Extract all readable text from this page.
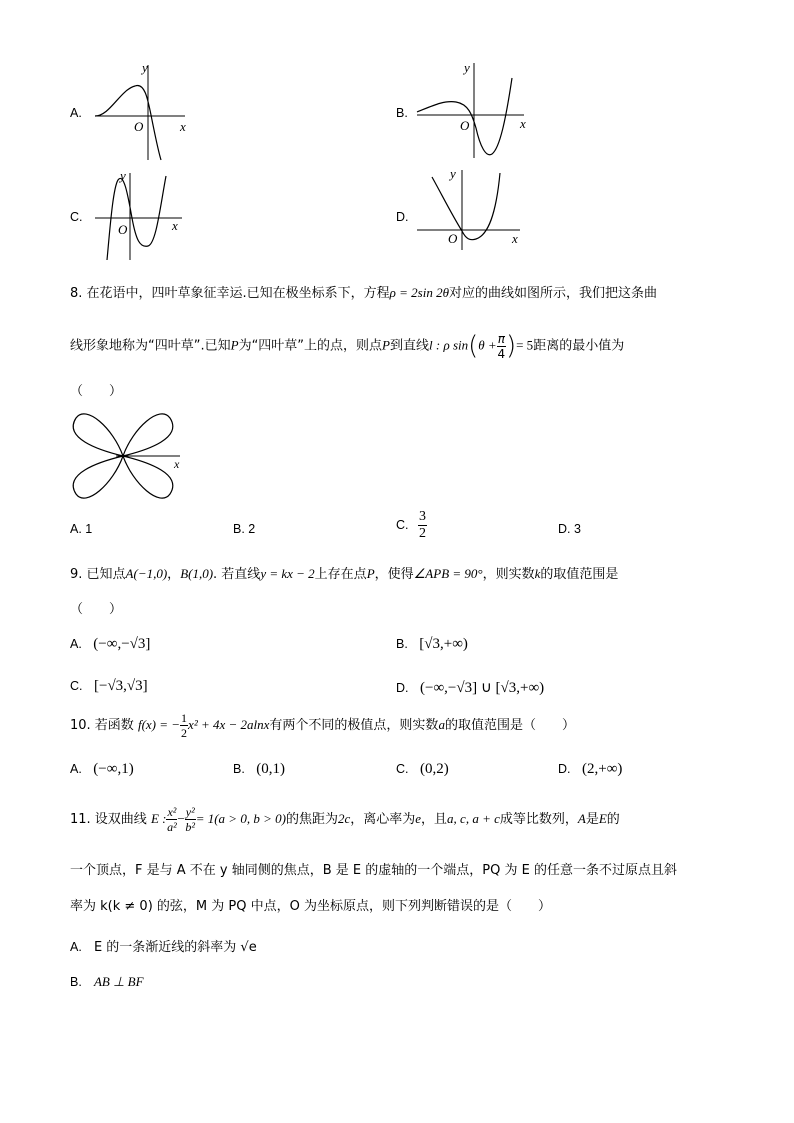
A.
y
x
O
B.
y
x
O
C.
y
x
O
D.
y
x
O
8. 在花语中，四叶草象征幸运.已知在极坐标系下，方程ρ = 2sin 2θ对应的曲线如图所示，我们把这条曲
线形象地称为“四叶草”.已知P为“四叶草”上的点，则点P到直线l : ρ $\sin(\theta + \frac{\pi}{4}$ )= 5距离的最小值为
（　　）
x
A. 1	B. 2	C. $\frac{3}{2}$	D. 3
9. 已知点A(−1,0)，B(1,0). 若直线y = kx − 2上存在点P，使得∠APB = 90°，则实数k的取值范围是
（　　）
A. (−∞,−√3]	B. [√3,+∞)
C. [−√3,√3]	D. (−∞,−√3] ∪ [√3,+∞)
10. 若函数 f(x) = − $\frac{1}{2} x^2 + 4x - 2alnx$有两个不同的极值点，则实数a的取值范围是（　　）
A. (−∞,1)	B. (0,1)	C. (0,2)	D. (2,+∞)
11. 设双曲线 E : $\frac{\text{x²}}{\text{a²}} - \frac{\text{y²}}{\text{b²}} = 1(a > 0$, b > 0)的焦距为2c，离心率为e，且a, c, a + c成等比数列，A是E的
一个顶点，F 是与 A 不在 y 轴同侧的焦点，B 是 E 的虚轴的一个端点，PQ 为 E 的任意一条不过原点且斜
率为 k(k ≠ 0) 的弦，M 为 PQ 中点，O 为坐标原点，则下列判断错误的是（　　）
A. E 的一条渐近线的斜率为 √e
B. AB ⊥ BF
